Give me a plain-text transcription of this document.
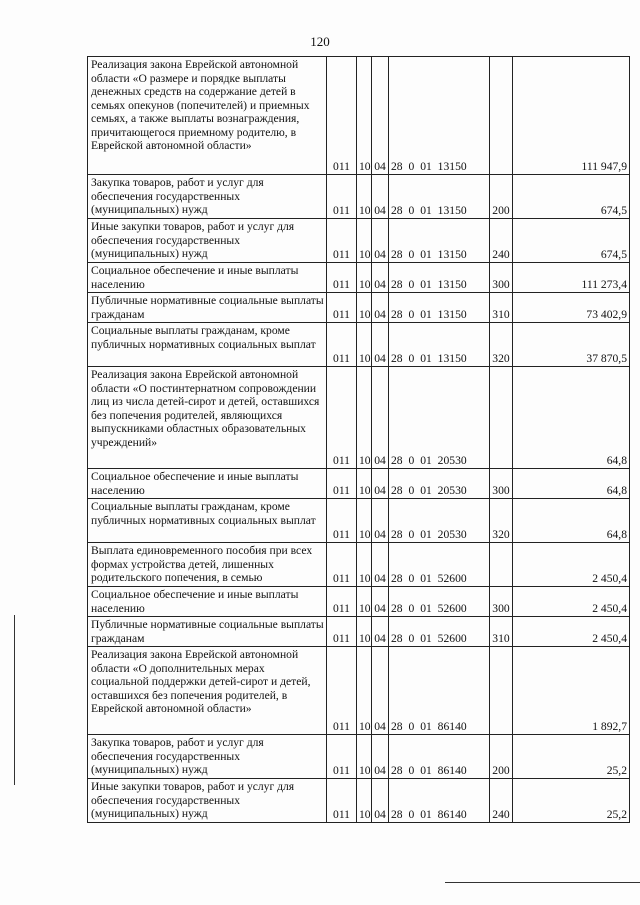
120
Реализация закона Еврейской автономной области «О размере и порядке выплаты денежных средств на содержание детей в семьях опекунов (попечителей) и приемных семьях, а также выплаты вознаграждения, причитающегося приемному родителю, в Еврейской автономной области»	011	10	04	28 0 01 13150		111 947,9
Закупка товаров, работ и услуг для обеспечения государственных (муниципальных) нужд	011	10	04	28 0 01 13150	200	674,5
Иные закупки товаров, работ и услуг для обеспечения государственных (муниципальных) нужд	011	10	04	28 0 01 13150	240	674,5
Социальное обеспечение и иные выплаты населению	011	10	04	28 0 01 13150	300	111 273,4
Публичные нормативные социальные выплаты гражданам	011	10	04	28 0 01 13150	310	73 402,9
Социальные выплаты гражданам, кроме публичных нормативных социальных выплат	011	10	04	28 0 01 13150	320	37 870,5
Реализация закона Еврейской автономной области «О постинтернатном сопровождении лиц из числа детей-сирот и детей, оставшихся без попечения родителей, являющихся выпускниками областных образовательных учреждений»	011	10	04	28 0 01 20530		64,8
Социальное обеспечение и иные выплаты населению	011	10	04	28 0 01 20530	300	64,8
Социальные выплаты гражданам, кроме публичных нормативных социальных выплат	011	10	04	28 0 01 20530	320	64,8
Выплата единовременного пособия при всех формах устройства детей, лишенных родительского попечения, в семью	011	10	04	28 0 01 52600		2 450,4
Социальное обеспечение и иные выплаты населению	011	10	04	28 0 01 52600	300	2 450,4
Публичные нормативные социальные выплаты гражданам	011	10	04	28 0 01 52600	310	2 450,4
Реализация закона Еврейской автономной области «О дополнительных мерах социальной поддержки детей-сирот и детей, оставшихся без попечения родителей, в Еврейской автономной области»	011	10	04	28 0 01 86140		1 892,7
Закупка товаров, работ и услуг для обеспечения государственных (муниципальных) нужд	011	10	04	28 0 01 86140	200	25,2
Иные закупки товаров, работ и услуг для обеспечения государственных (муниципальных) нужд	011	10	04	28 0 01 86140	240	25,2
